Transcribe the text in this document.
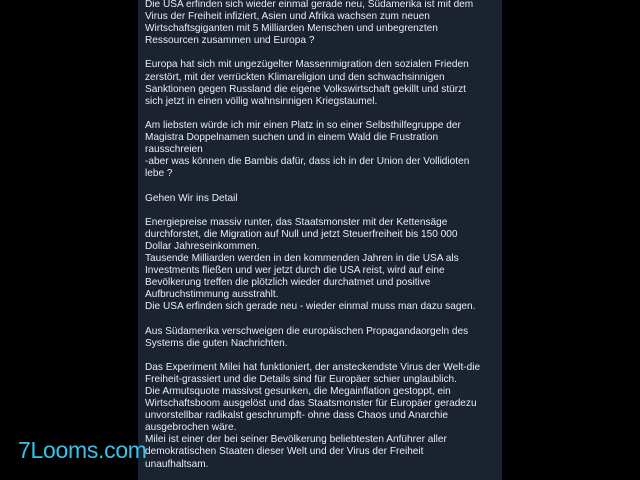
Die USA erfinden sich wieder einmal gerade neu, Südamerika ist mit dem
Virus der Freiheit infiziert, Asien und Afrika wachsen zum neuen
Wirtschaftsgiganten mit 5 Milliarden Menschen und unbegrenzten
Ressourcen zusammen und Europa ?

Europa hat sich mit ungezügelter Massenmigration den sozialen Frieden
zerstört, mit der verrückten Klimareligion und den schwachsinnigen
Sanktionen gegen Russland die eigene Volkswirtschaft gekillt und stürzt
sich jetzt in einen völlig wahnsinnigen Kriegstaumel.

Am liebsten würde ich mir einen Platz in so einer Selbsthilfegruppe der
Magistra Doppelnamen suchen und in einem Wald die Frustration
rausschreien
-aber was können die Bambis dafür, dass ich in der Union der Vollidioten
lebe ?

Gehen Wir ins Detail

Energiepreise massiv runter, das Staatsmonster mit der Kettensäge
durchforstet, die Migration auf Null und jetzt Steuerfreiheit bis 150 000
Dollar Jahreseinkommen.
Tausende Milliarden werden in den kommenden Jahren in die USA als
Investments fließen und wer jetzt durch die USA reist, wird auf eine
Bevölkerung treffen die plötzlich wieder durchatmet und positive
Aufbruchstimmung ausstrahlt.
Die USA erfinden sich gerade neu - wieder einmal muss man dazu sagen.

Aus Südamerika verschweigen die europäischen Propagandaorgeln des
Systems die guten Nachrichten.

Das Experiment Milei hat funktioniert, der ansteckendste Virus der Welt-die
Freiheit-grassiert und die Details sind für Europäer schier unglaublich.
Die Armutsquote massivst gesunken, die Megainflation gestoppt, ein
Wirtschaftsboom ausgelöst und das Staatsmonster für Europäer geradezu
unvorstellbar radikalst geschrumpft- ohne dass Chaos und Anarchie
ausgebrochen wäre.
Milei ist einer der bei seiner Bevölkerung beliebtesten Anführer aller
demokratischen Staaten dieser Welt und der Virus der Freiheit
unaufhaltsam.

7Looms.com
